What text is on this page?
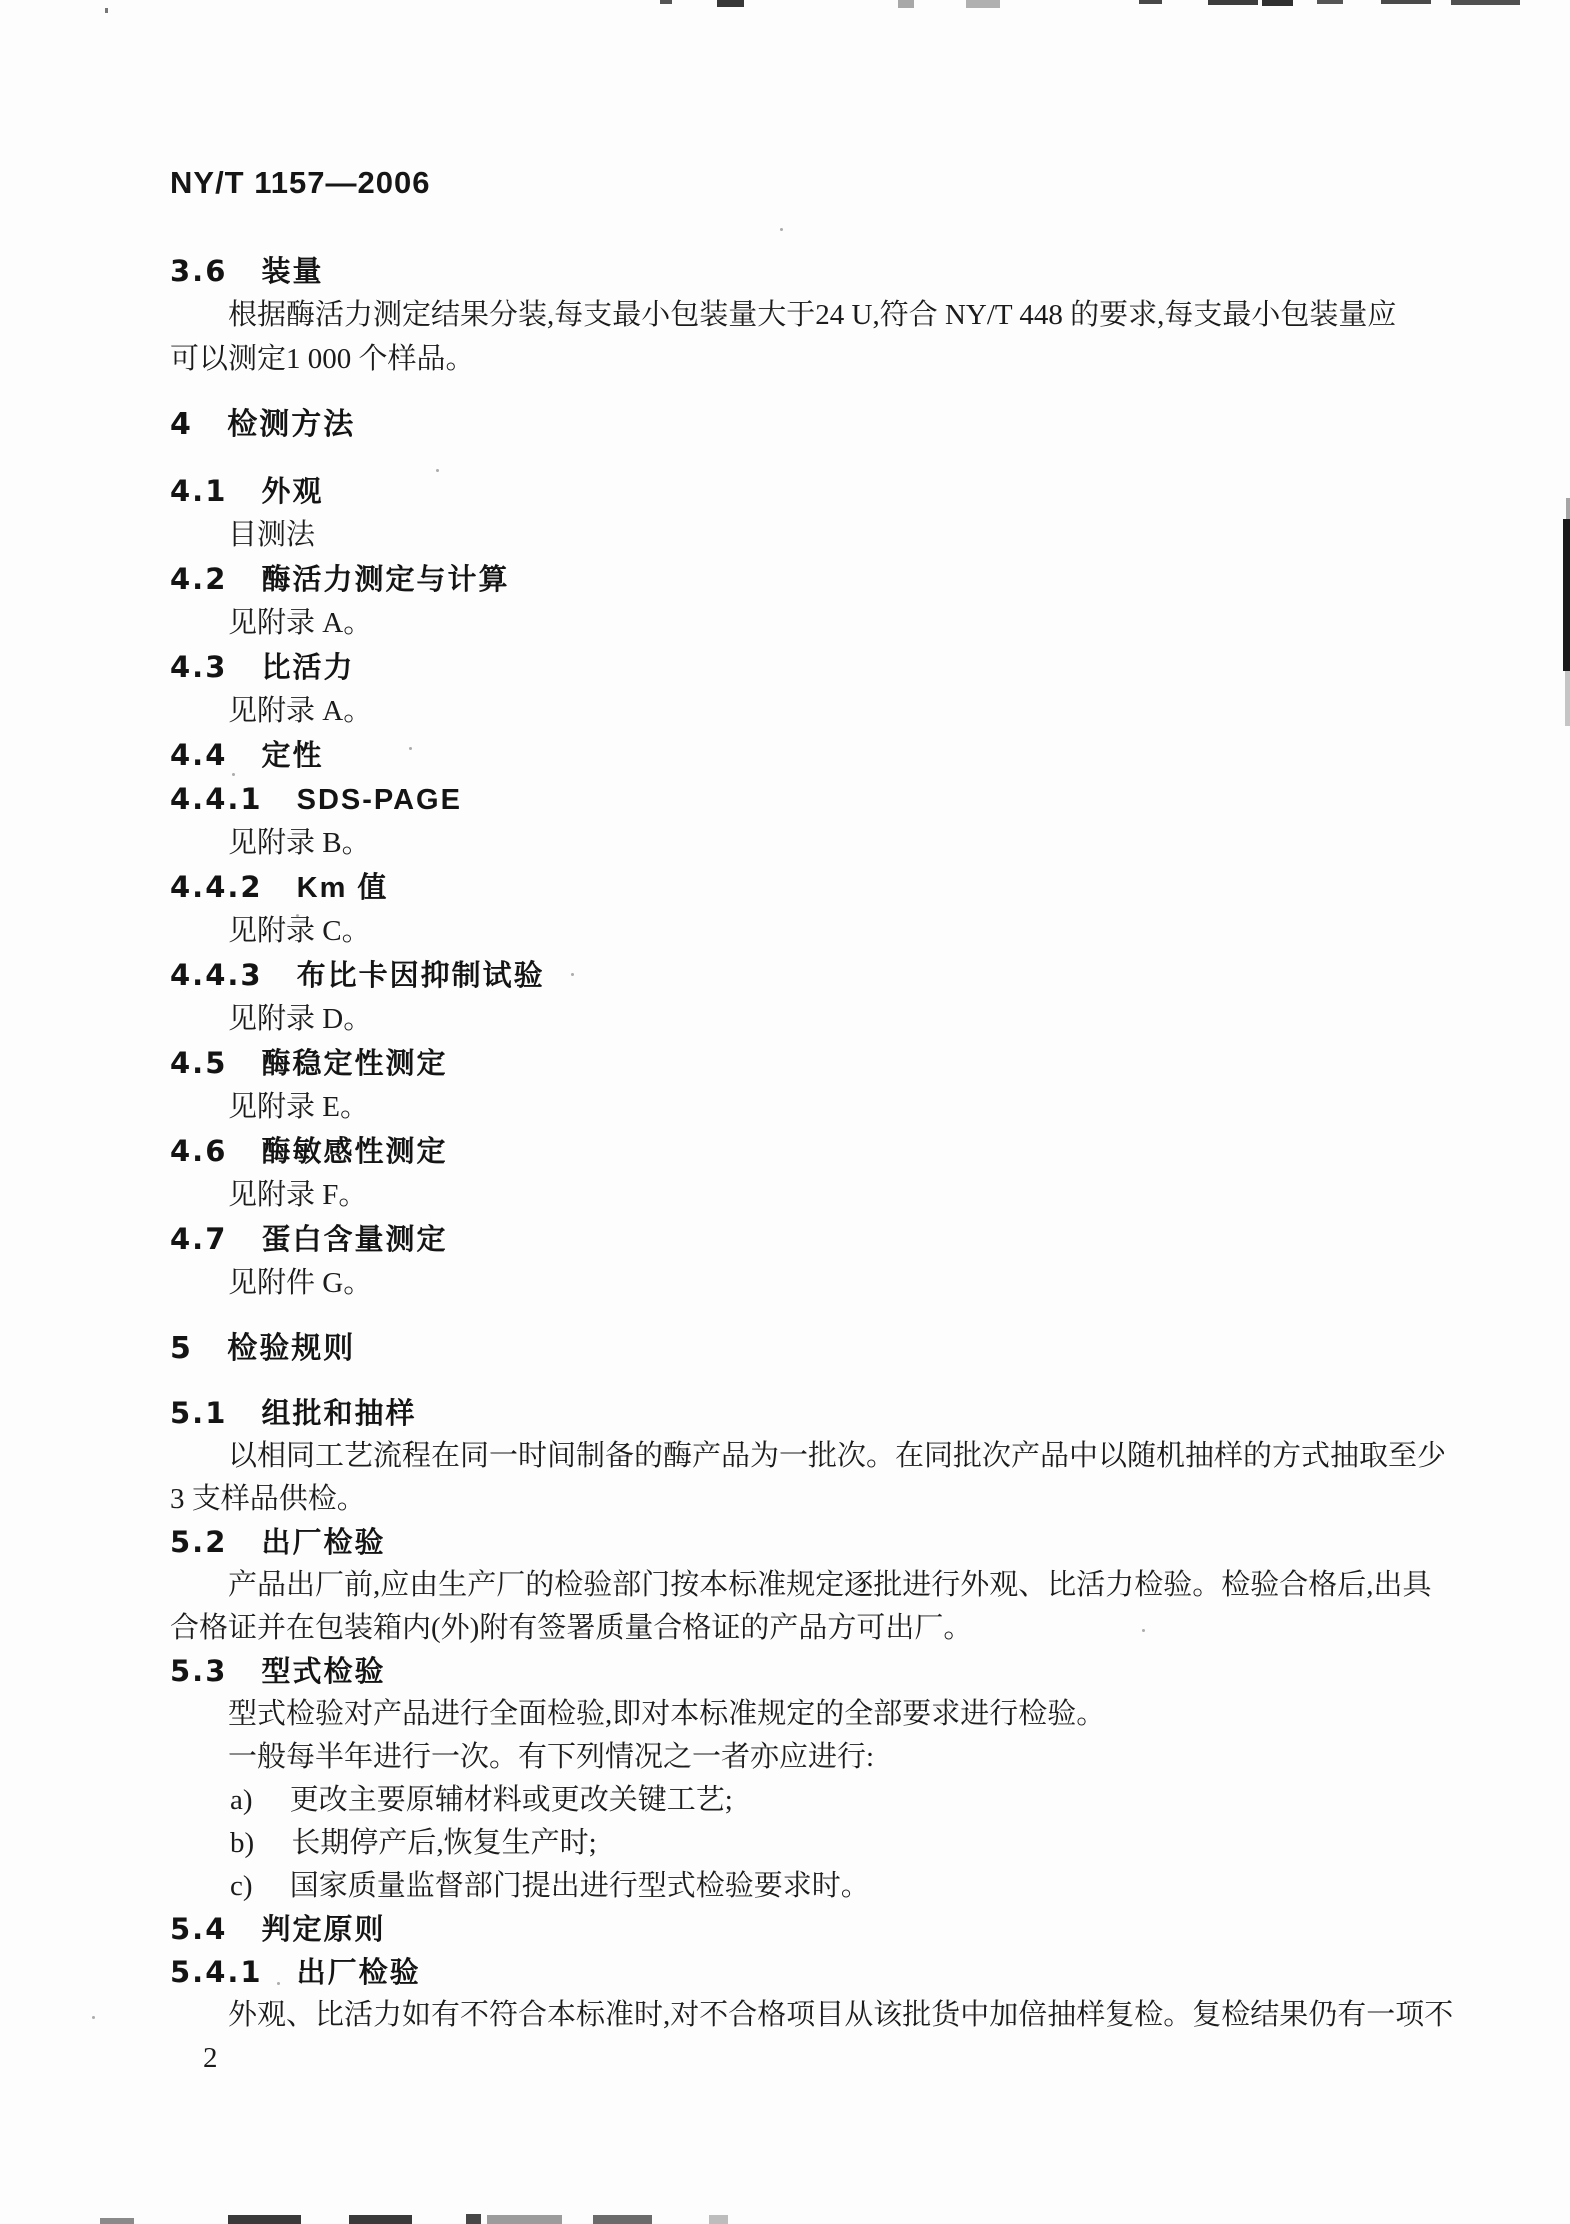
NY/T 1157—2006
3.6 装量
根据酶活力测定结果分装,每支最小包装量大于24 U,符合 NY/T 448 的要求,每支最小包装量应
可以测定1 000 个样品。
4 检测方法
4.1 外观
目测法
4.2 酶活力测定与计算
见附录 A。
4.3 比活力
见附录 A。
4.4 定性
4.4.1 SDS-PAGE
见附录 B。
4.4.2 Km 值
见附录 C。
4.4.3 布比卡因抑制试验
见附录 D。
4.5 酶稳定性测定
见附录 E。
4.6 酶敏感性测定
见附录 F。
4.7 蛋白含量测定
见附件 G。
5 检验规则
5.1 组批和抽样
以相同工艺流程在同一时间制备的酶产品为一批次。在同批次产品中以随机抽样的方式抽取至少
3 支样品供检。
5.2 出厂检验
产品出厂前,应由生产厂的检验部门按本标准规定逐批进行外观、比活力检验。检验合格后,出具
合格证并在包装箱内(外)附有签署质量合格证的产品方可出厂。
5.3 型式检验
型式检验对产品进行全面检验,即对本标准规定的全部要求进行检验。
一般每半年进行一次。有下列情况之一者亦应进行:
a) 更改主要原辅材料或更改关键工艺;
b) 长期停产后,恢复生产时;
c) 国家质量监督部门提出进行型式检验要求时。
5.4 判定原则
5.4.1 出厂检验
外观、比活力如有不符合本标准时,对不合格项目从该批货中加倍抽样复检。复检结果仍有一项不
2
